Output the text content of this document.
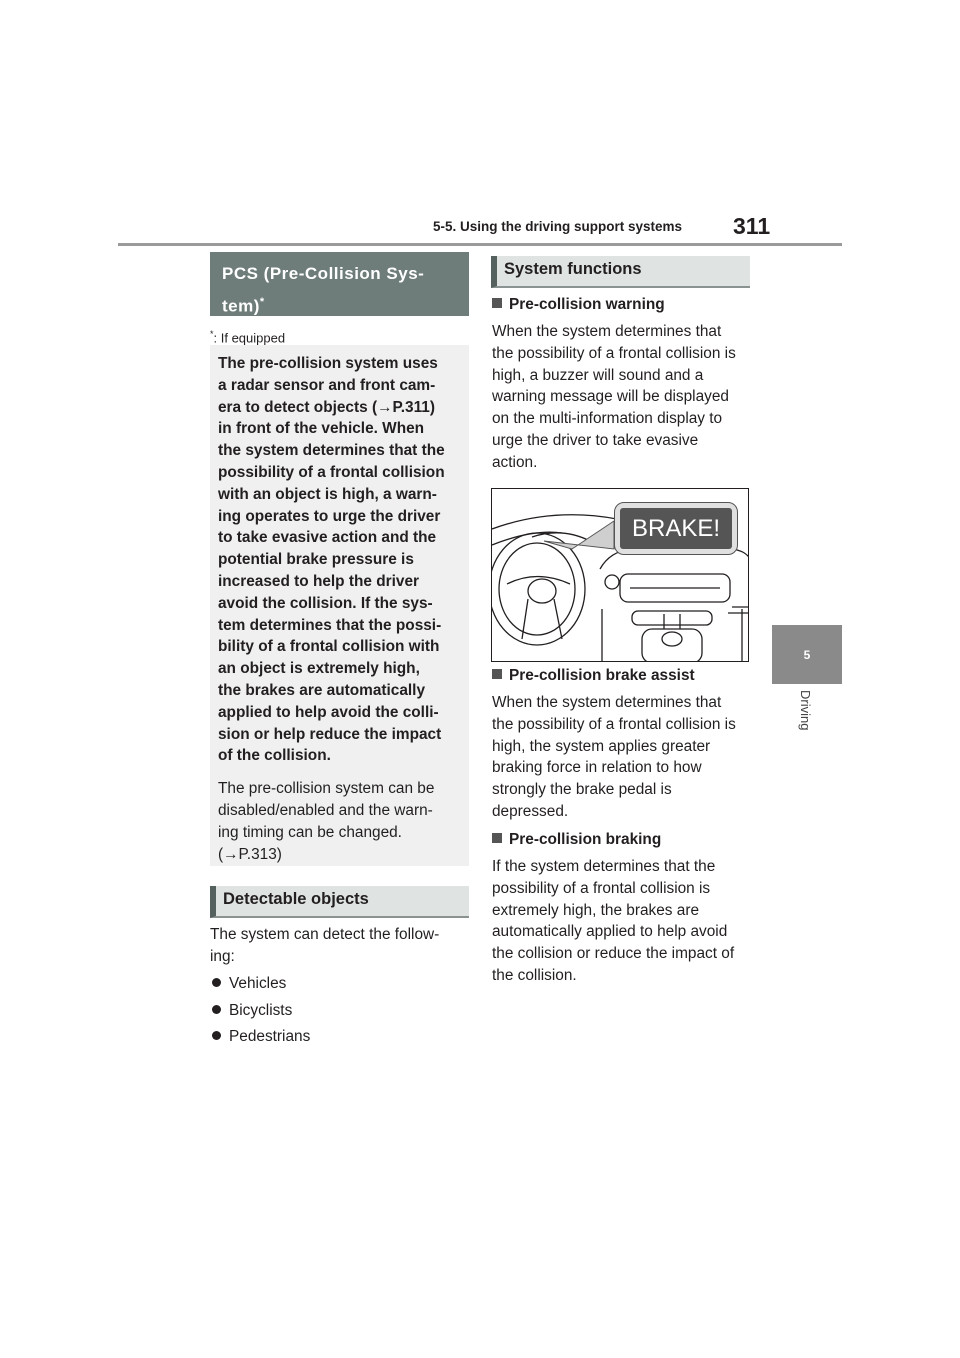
5-5. Using the driving support systems 311
5
Driving
PCS (Pre-Collision Sys-tem)*
*: If equipped
The pre-collision system uses
a radar sensor and front cam-
era to detect objects (→P.311)
in front of the vehicle. When
the system determines that the
possibility of a frontal collision
with an object is high, a warn-
ing operates to urge the driver
to take evasive action and the
potential brake pressure is
increased to help the driver
avoid the collision. If the sys-
tem determines that the possi-
bility of a frontal collision with
an object is extremely high,
the brakes are automatically
applied to help avoid the colli-
sion or help reduce the impact
of the collision.
The pre-collision system can be
disabled/enabled and the warn-
ing timing can be changed.
(→P.313)
Detectable objects
The system can detect the follow-
ing:
Vehicles
Bicyclists
Pedestrians
System functions
Pre-collision warning
When the system determines that
the possibility of a frontal collision is
high, a buzzer will sound and a
warning message will be displayed
on the multi-information display to
urge the driver to take evasive
action.
BRAKE!
Pre-collision brake assist
When the system determines that
the possibility of a frontal collision is
high, the system applies greater
braking force in relation to how
strongly the brake pedal is
depressed.
Pre-collision braking
If the system determines that the
possibility of a frontal collision is
extremely high, the brakes are
automatically applied to help avoid
the collision or reduce the impact of
the collision.
